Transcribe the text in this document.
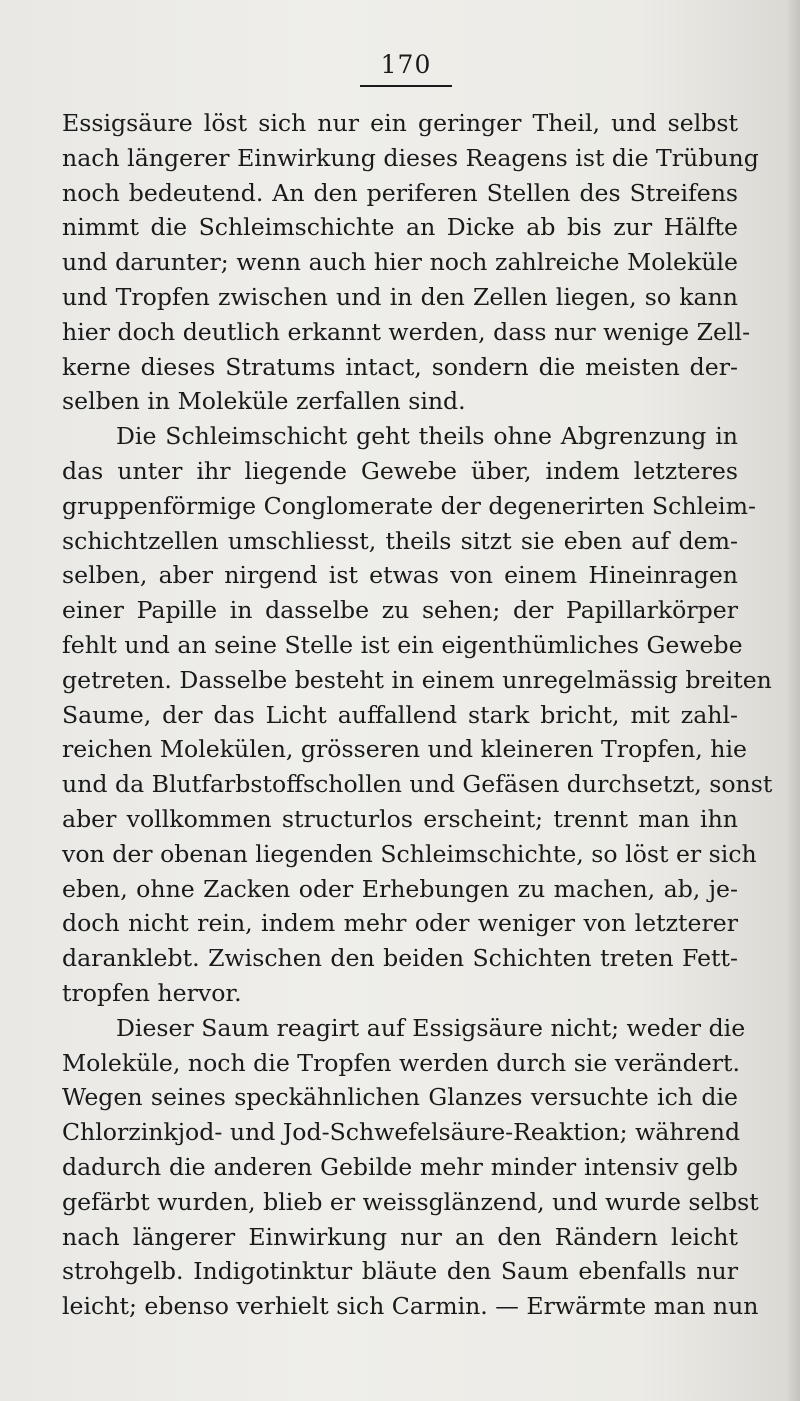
170
Essigsäure löst sich nur ein geringer Theil, und selbst
nach längerer Einwirkung dieses Reagens ist die Trübung
noch bedeutend. An den periferen Stellen des Streifens
nimmt die Schleimschichte an Dicke ab bis zur Hälfte
und darunter; wenn auch hier noch zahlreiche Moleküle
und Tropfen zwischen und in den Zellen liegen, so kann
hier doch deutlich erkannt werden, dass nur wenige Zell-
kerne dieses Stratums intact, sondern die meisten der-
selben in Moleküle zerfallen sind.
Die Schleimschicht geht theils ohne Abgrenzung in
das unter ihr liegende Gewebe über, indem letzteres
gruppenförmige Conglomerate der degenerirten Schleim-
schichtzellen umschliesst, theils sitzt sie eben auf dem-
selben, aber nirgend ist etwas von einem Hineinragen
einer Papille in dasselbe zu sehen; der Papillarkörper
fehlt und an seine Stelle ist ein eigenthümliches Gewebe
getreten. Dasselbe besteht in einem unregelmässig breiten
Saume, der das Licht auffallend stark bricht, mit zahl-
reichen Molekülen, grösseren und kleineren Tropfen, hie
und da Blutfarbstoffschollen und Gefäsen durchsetzt, sonst
aber vollkommen structurlos erscheint; trennt man ihn
von der obenan liegenden Schleimschichte, so löst er sich
eben, ohne Zacken oder Erhebungen zu machen, ab, je-
doch nicht rein, indem mehr oder weniger von letzterer
daranklebt. Zwischen den beiden Schichten treten Fett-
tropfen hervor.
Dieser Saum reagirt auf Essigsäure nicht; weder die
Moleküle, noch die Tropfen werden durch sie verändert.
Wegen seines speckähnlichen Glanzes versuchte ich die
Chlorzinkjod- und Jod-Schwefelsäure-Reaktion; während
dadurch die anderen Gebilde mehr minder intensiv gelb
gefärbt wurden, blieb er weissglänzend, und wurde selbst
nach längerer Einwirkung nur an den Rändern leicht
strohgelb. Indigotinktur bläute den Saum ebenfalls nur
leicht; ebenso verhielt sich Carmin. — Erwärmte man nun
